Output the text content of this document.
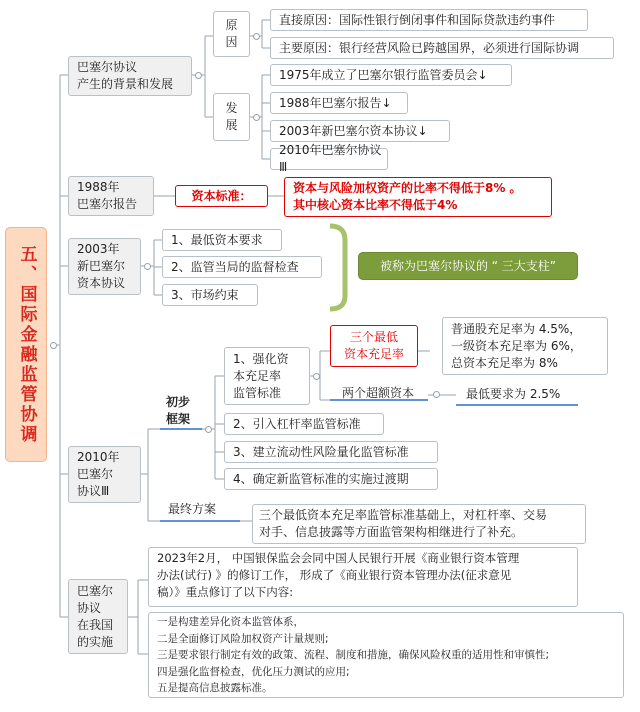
五、国际金融监管协调
巴塞尔协议
产生的背景和发展
原
因
直接原因：国际性银行倒闭事件和国际贷款违约事件
主要原因：银行经营风险已跨越国界，必须进行国际协调
发
展
1975年成立了巴塞尔银行监管委员会↓
1988年巴塞尔报告↓
2003年新巴塞尔资本协议↓
2010年巴塞尔协议Ⅲ
1988年
巴塞尔报告
资本标准：
资本与风险加权资产的比率不得低于8% 。
其中核心资本比率不得低于4%
2003年
新巴塞尔
资本协议
1、最低资本要求
2、监管当局的监督检查
3、市场约束
被称为巴塞尔协议的 “ 三大支柱”
2010年
巴塞尔
协议Ⅲ
初步
框架
1、强化资
本充足率
监管标准
三个最低
资本充足率
普通股充足率为 4.5%，
一级资本充足率为 6%，
总资本充足率为 8%
两个超额资本	最低要求为 2.5%
2、引入杠杆率监管标准
3、建立流动性风险量化监管标准
4、确定新监管标准的实施过渡期
最终方案	三个最低资本充足率监管标准基础上，对杠杆率、交易
对手、信息披露等方面监管架构相继进行了补充。
巴塞尔
协议
在我国
的实施
2023年2月， 中国银保监会会同中国人民银行开展《商业银行资本管理
办法(试行) 》的修订工作， 形成了《商业银行资本管理办法(征求意见
稿）》重点修订了以下内容:
一是构建差异化资本监管体系，
二是全面修订风险加权资产计量规则;
三是要求银行制定有效的政策、流程、制度和措施，确保风险权重的适用性和审慎性;
四是强化监督检查，优化压力测试的应用;
五是提高信息披露标准。
